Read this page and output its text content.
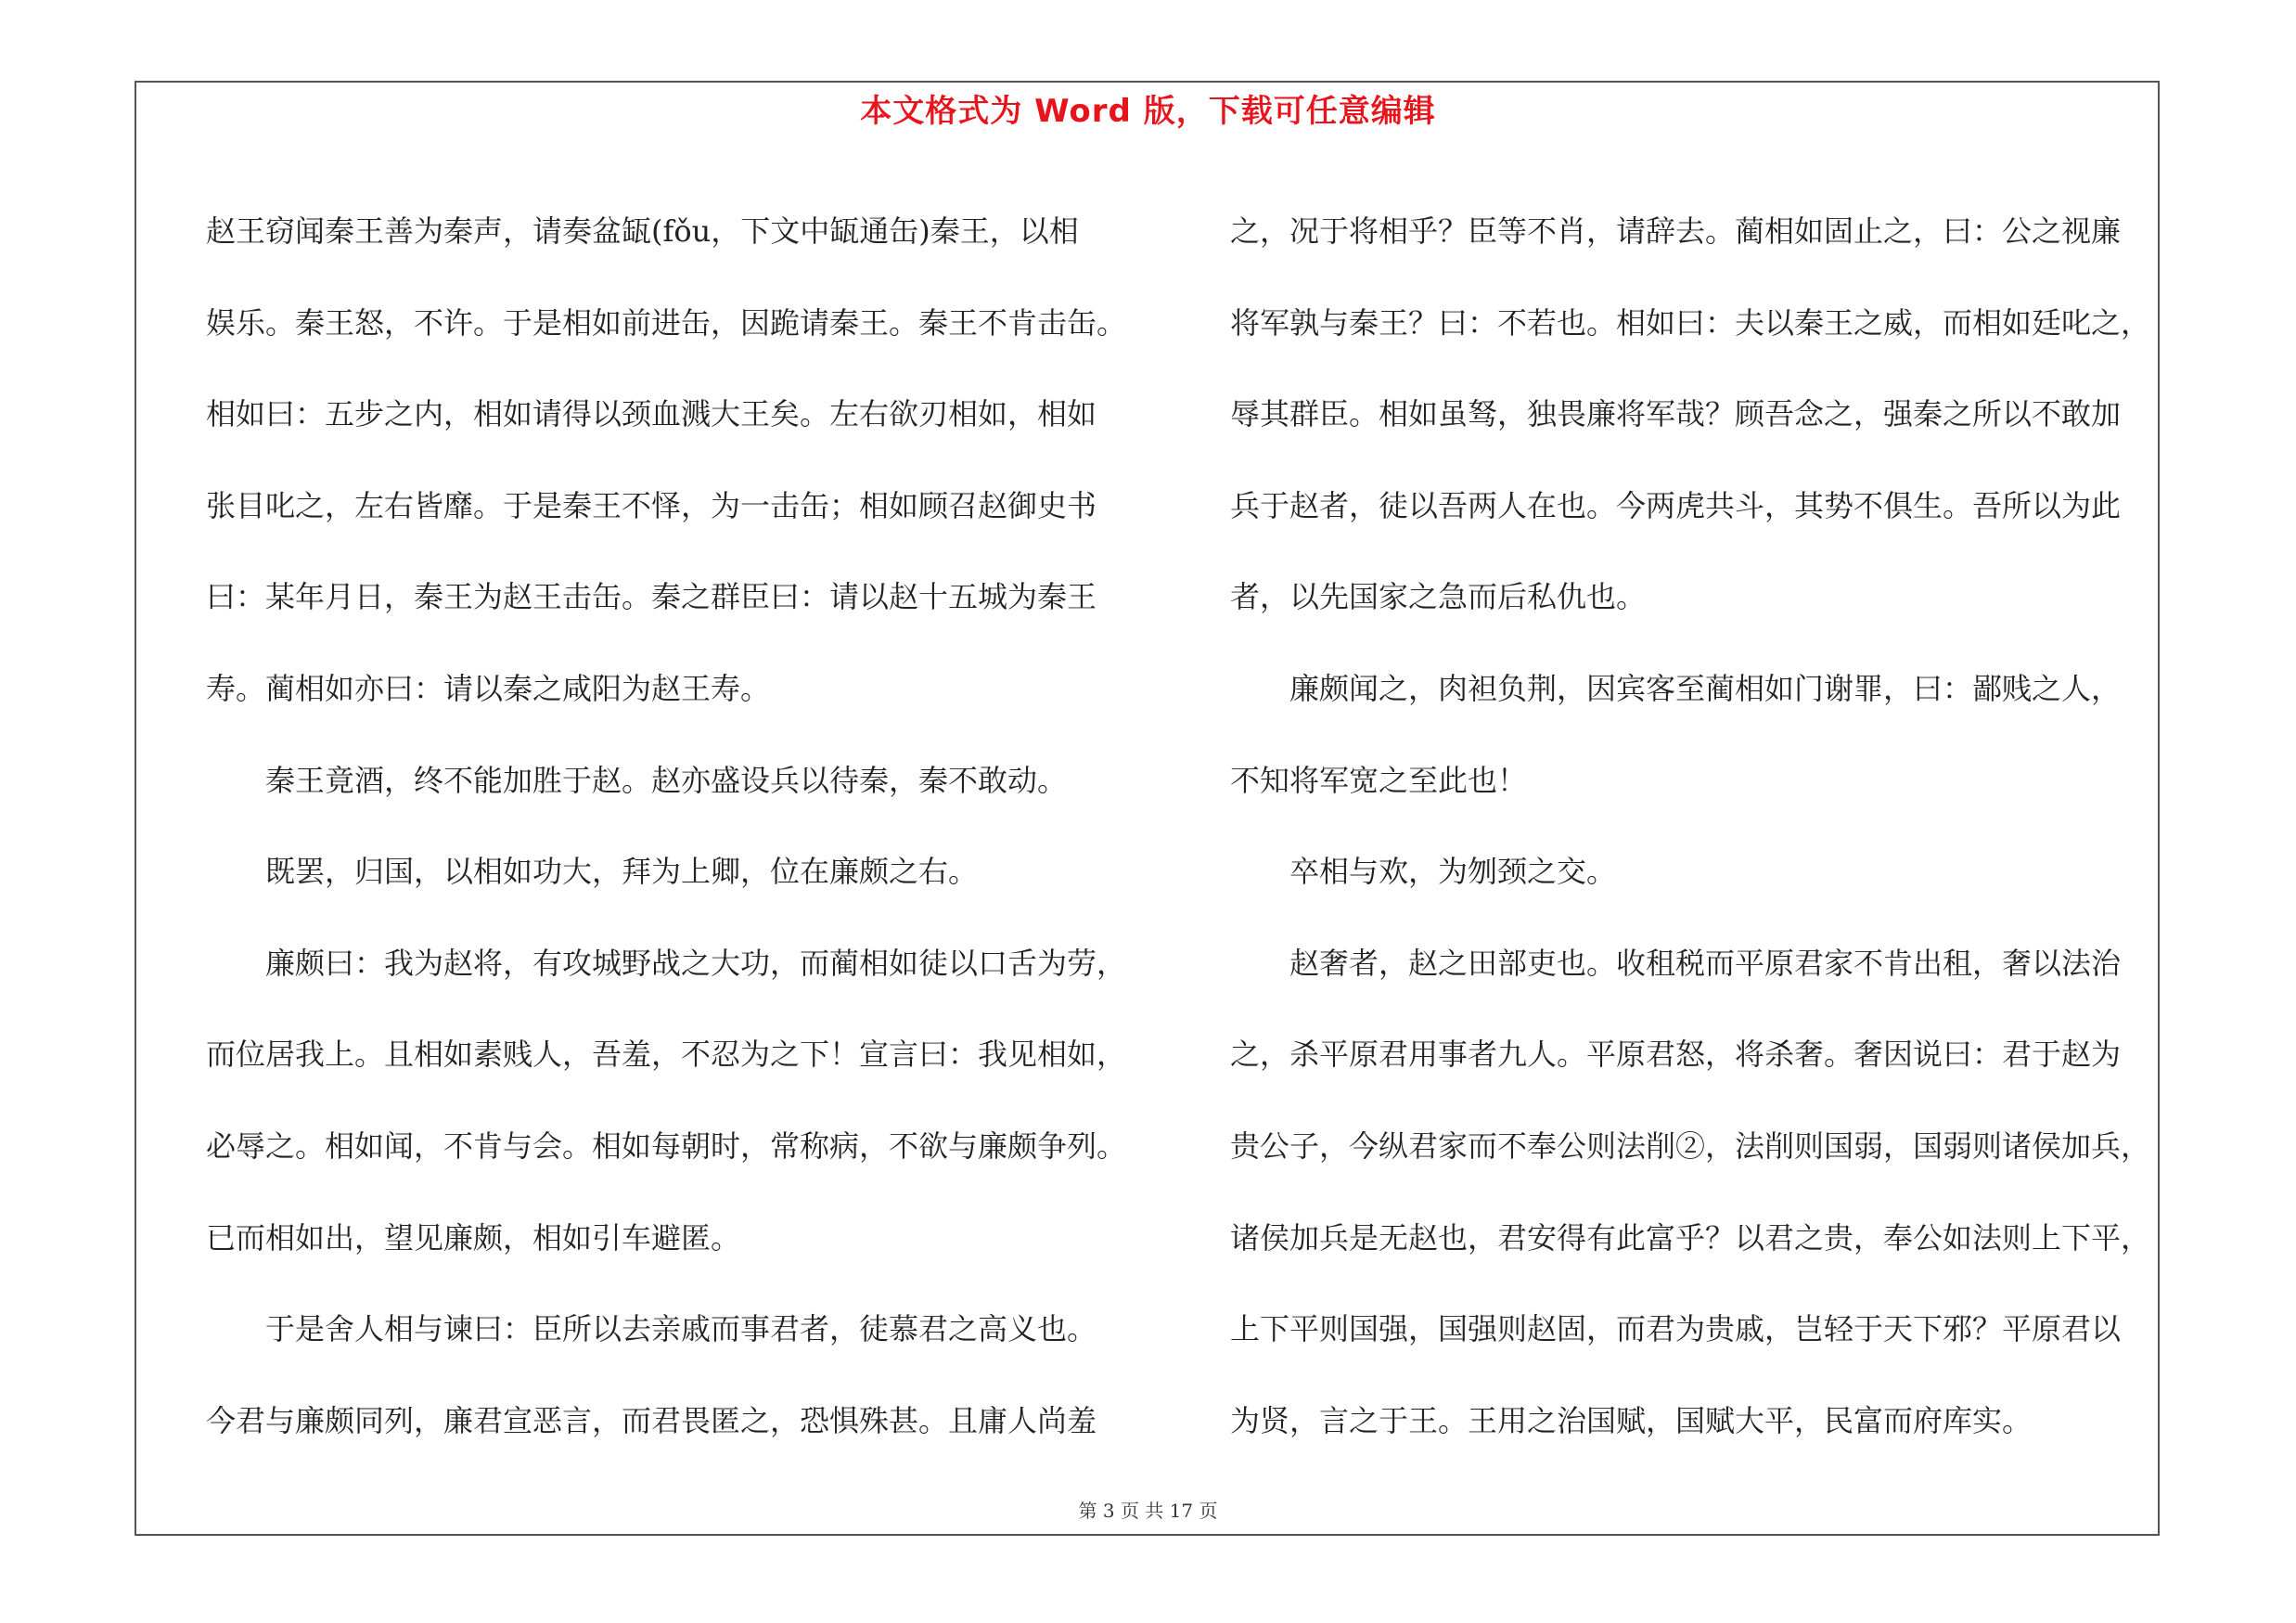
本文格式为 Word 版，下载可任意编辑
赵王窃闻秦王善为秦声，请奏盆缻(fǒu，下文中缻通缶)秦王，以相
娱乐。秦王怒，不许。于是相如前进缶，因跪请秦王。秦王不肯击缶。
相如曰：五步之内，相如请得以颈血溅大王矣。左右欲刃相如，相如
张目叱之，左右皆靡。于是秦王不怿，为一击缶；相如顾召赵御史书
曰：某年月日，秦王为赵王击缶。秦之群臣曰：请以赵十五城为秦王
寿。蔺相如亦曰：请以秦之咸阳为赵王寿。
　　秦王竟酒，终不能加胜于赵。赵亦盛设兵以待秦，秦不敢动。
　　既罢，归国，以相如功大，拜为上卿，位在廉颇之右。
　　廉颇曰：我为赵将，有攻城野战之大功，而蔺相如徒以口舌为劳，
而位居我上。且相如素贱人，吾羞，不忍为之下！宣言曰：我见相如，
必辱之。相如闻，不肯与会。相如每朝时，常称病，不欲与廉颇争列。
已而相如出，望见廉颇，相如引车避匿。
　　于是舍人相与谏曰：臣所以去亲戚而事君者，徒慕君之高义也。
今君与廉颇同列，廉君宣恶言，而君畏匿之，恐惧殊甚。且庸人尚羞
之，况于将相乎？臣等不肖，请辞去。蔺相如固止之，曰：公之视廉
将军孰与秦王？曰：不若也。相如曰：夫以秦王之威，而相如廷叱之，
辱其群臣。相如虽驽，独畏廉将军哉？顾吾念之，强秦之所以不敢加
兵于赵者，徒以吾两人在也。今两虎共斗，其势不俱生。吾所以为此
者，以先国家之急而后私仇也。
　　廉颇闻之，肉袒负荆，因宾客至蔺相如门谢罪，曰：鄙贱之人，
不知将军宽之至此也！
　　卒相与欢，为刎颈之交。
　　赵奢者，赵之田部吏也。收租税而平原君家不肯出租，奢以法治
之，杀平原君用事者九人。平原君怒，将杀奢。奢因说曰：君于赵为
贵公子，今纵君家而不奉公则法削②，法削则国弱，国弱则诸侯加兵，
诸侯加兵是无赵也，君安得有此富乎？以君之贵，奉公如法则上下平，
上下平则国强，国强则赵固，而君为贵戚，岂轻于天下邪？平原君以
为贤，言之于王。王用之治国赋，国赋大平，民富而府库实。
第 3 页 共 17 页
